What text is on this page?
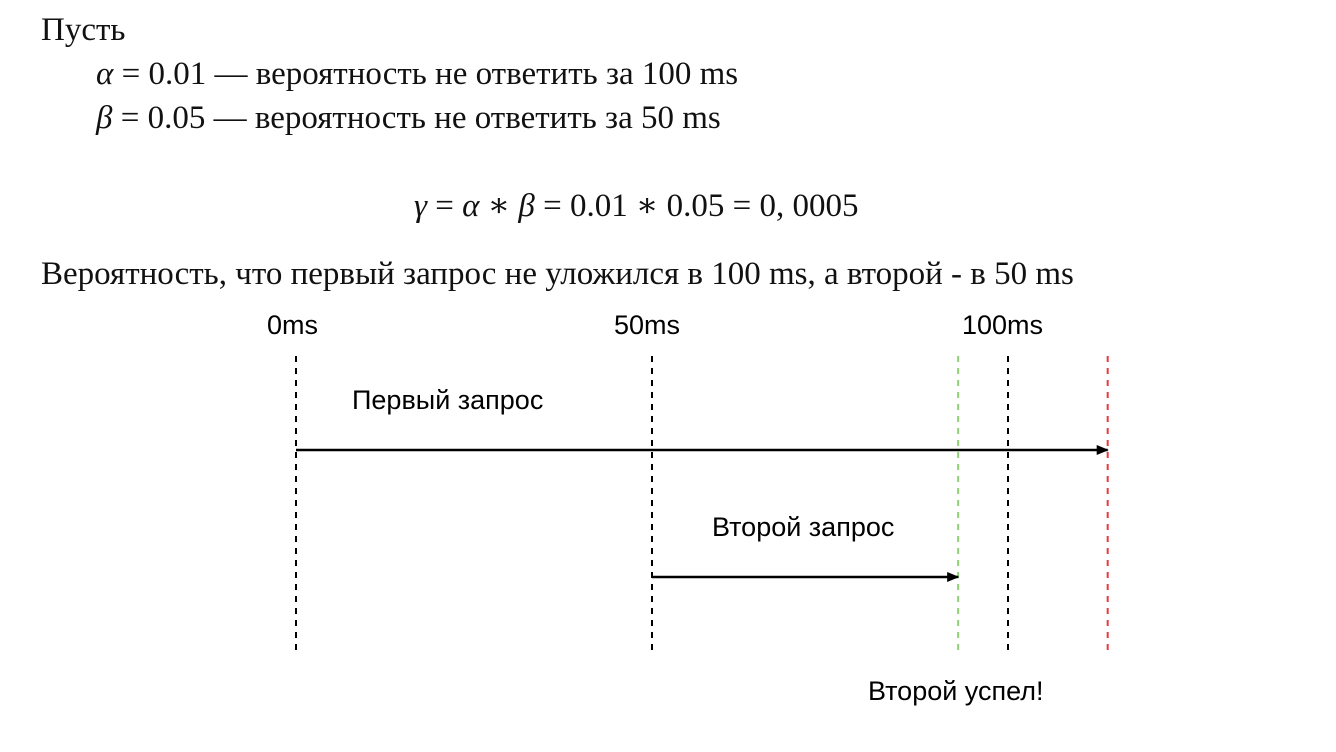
Пусть
α = 0.01 — вероятность не ответить за 100 ms
β = 0.05 — вероятность не ответить за 50 ms
γ = α ∗ β = 0.01 ∗ 0.05 = 0, 0005
Вероятность, что первый запрос не уложился в 100 ms, а второй - в 50 ms
0ms	50ms	100ms
Первый запрос
Второй запрос
Второй успел!
